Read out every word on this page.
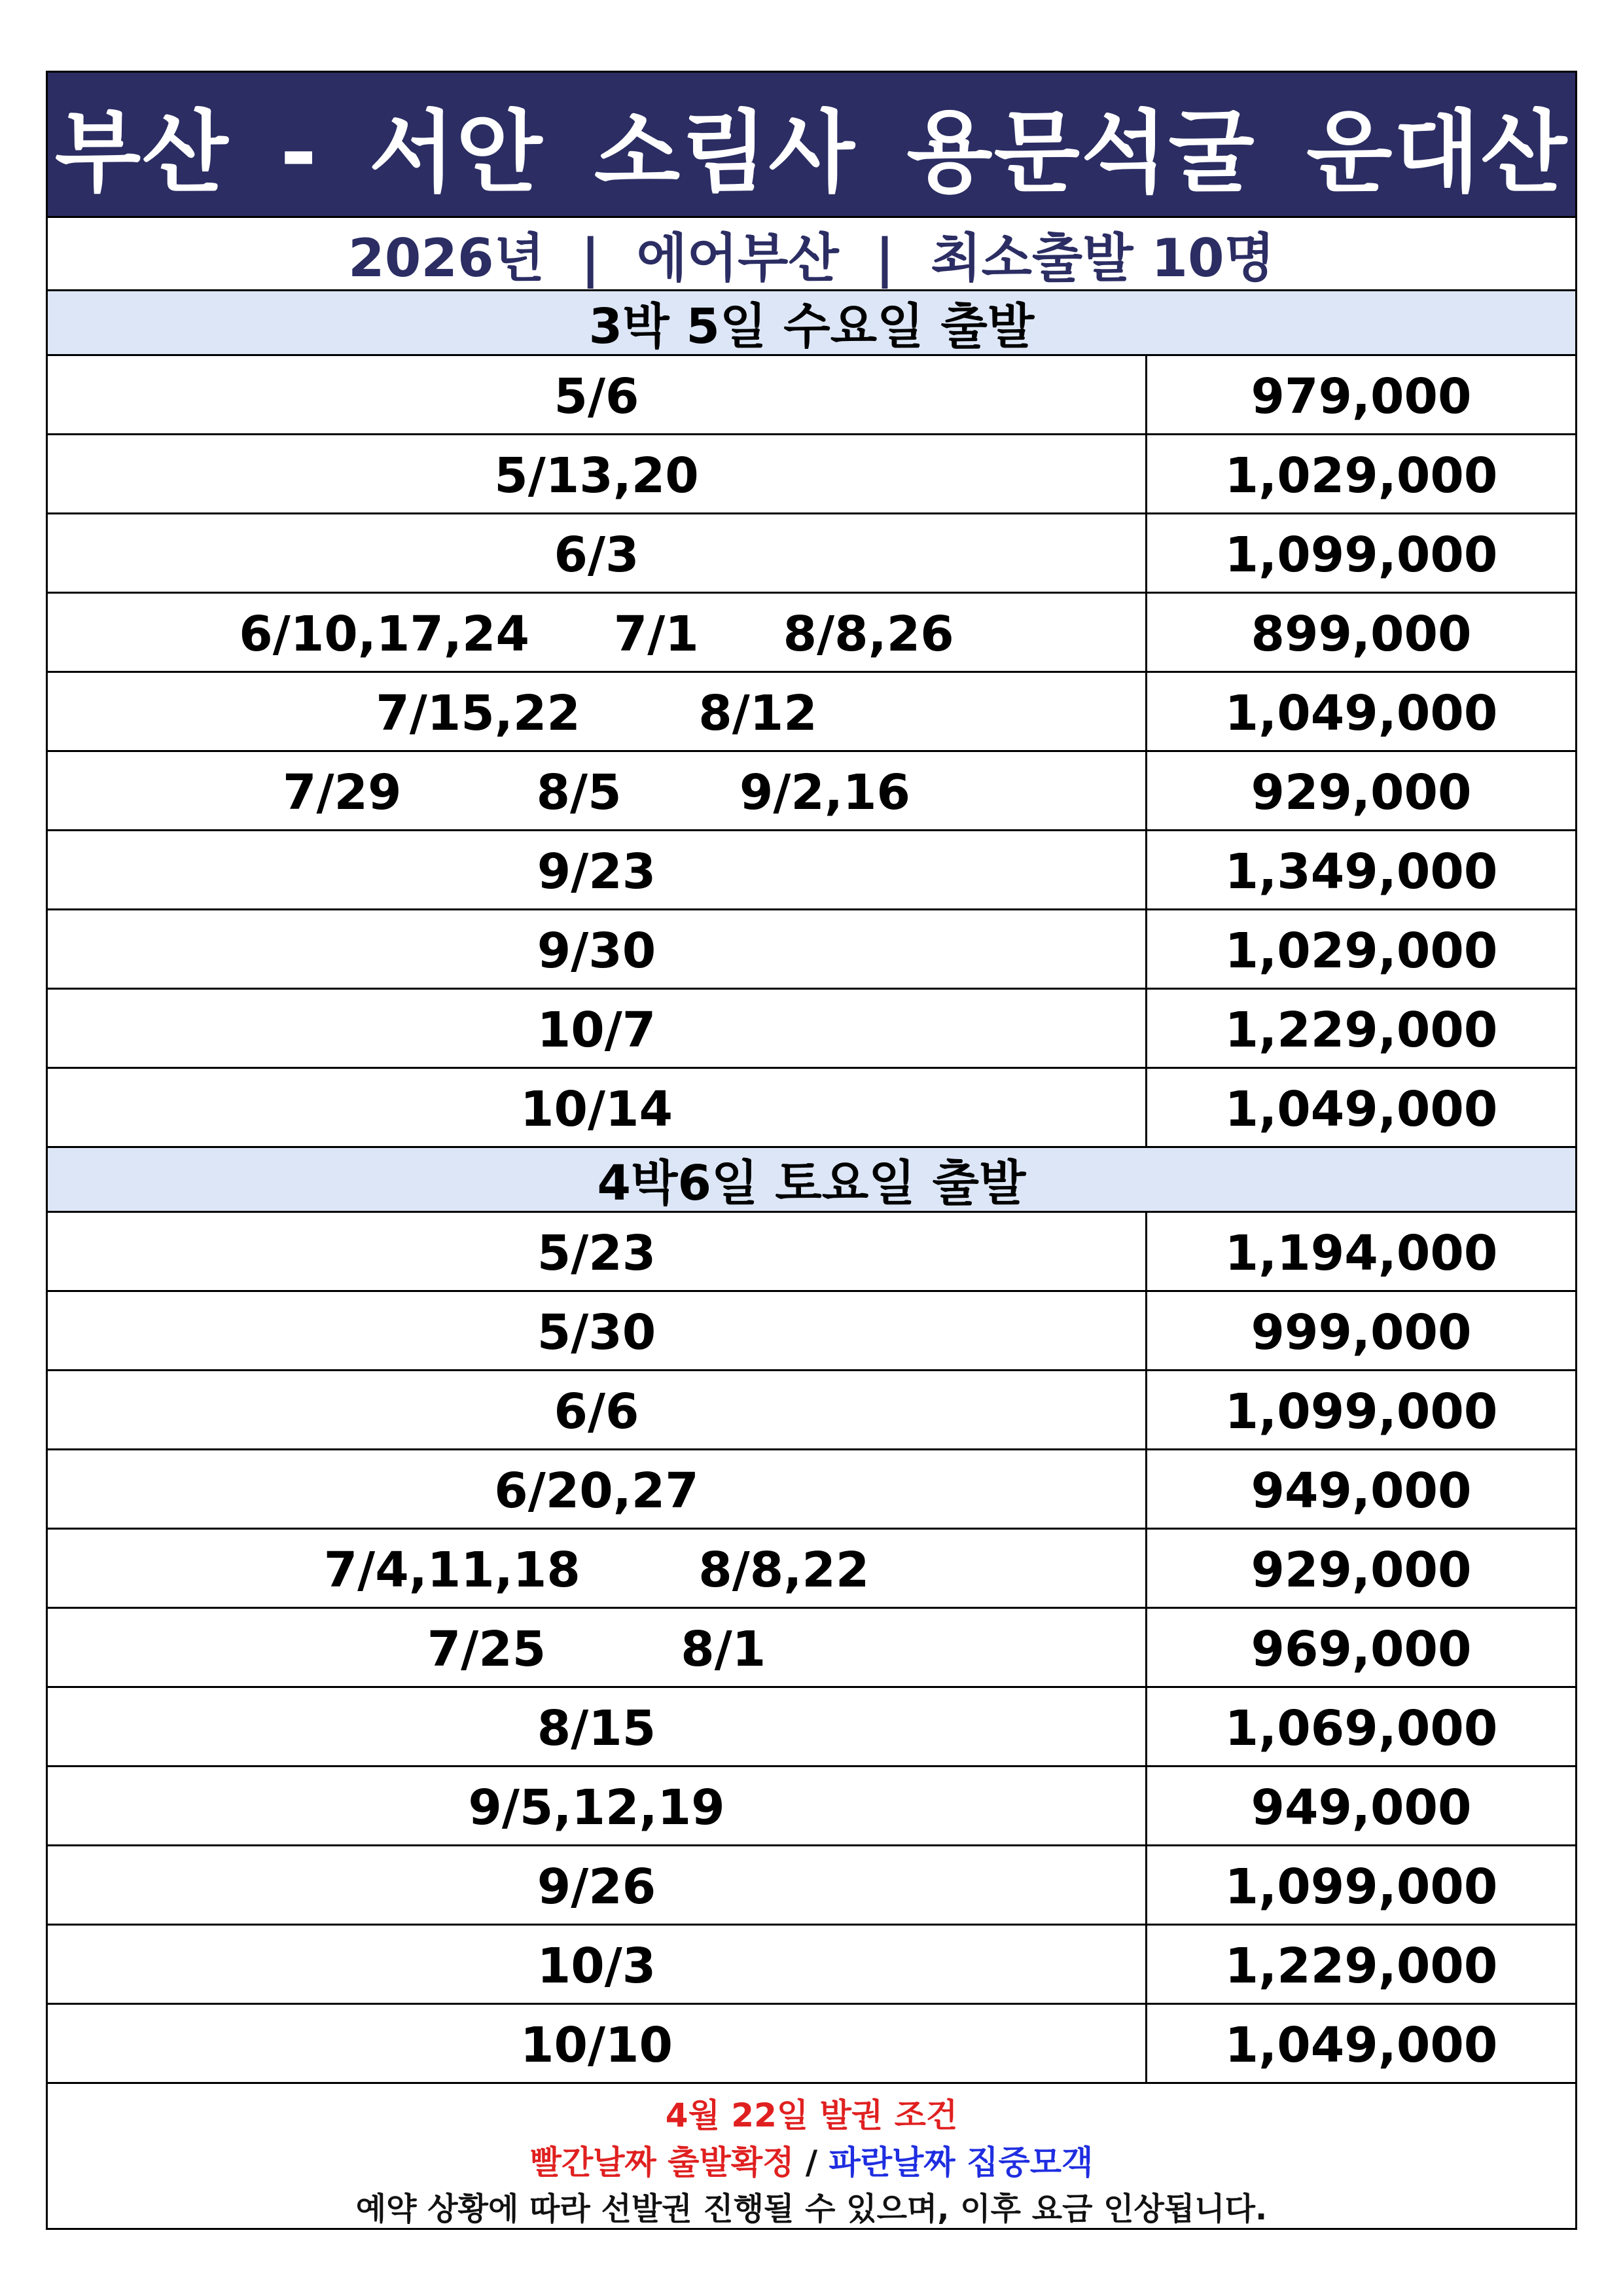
부산 - 서안 소림사 용문석굴 운대산
2026년  |  에어부산  |  최소출발 10명
3박 5일 수요일 출발
5/6	979,000
5/13,20	1,029,000
6/3	1,099,000
6/10,17,24     7/1     8/8,26	899,000
7/15,22       8/12	1,049,000
7/29        8/5       9/2,16	929,000
9/23	1,349,000
9/30	1,029,000
10/7	1,229,000
10/14	1,049,000
4박6일 토요일 출발
5/23	1,194,000
5/30	999,000
6/6	1,099,000
6/20,27	949,000
7/4,11,18       8/8,22	929,000
7/25        8/1	969,000
8/15	1,069,000
9/5,12,19	949,000
9/26	1,099,000
10/3	1,229,000
10/10	1,049,000
4월 22일 발권 조건
빨간날짜 출발확정 / 파란날짜 집중모객
예약 상황에 따라 선발권 진행될 수 있으며, 이후 요금 인상됩니다.
